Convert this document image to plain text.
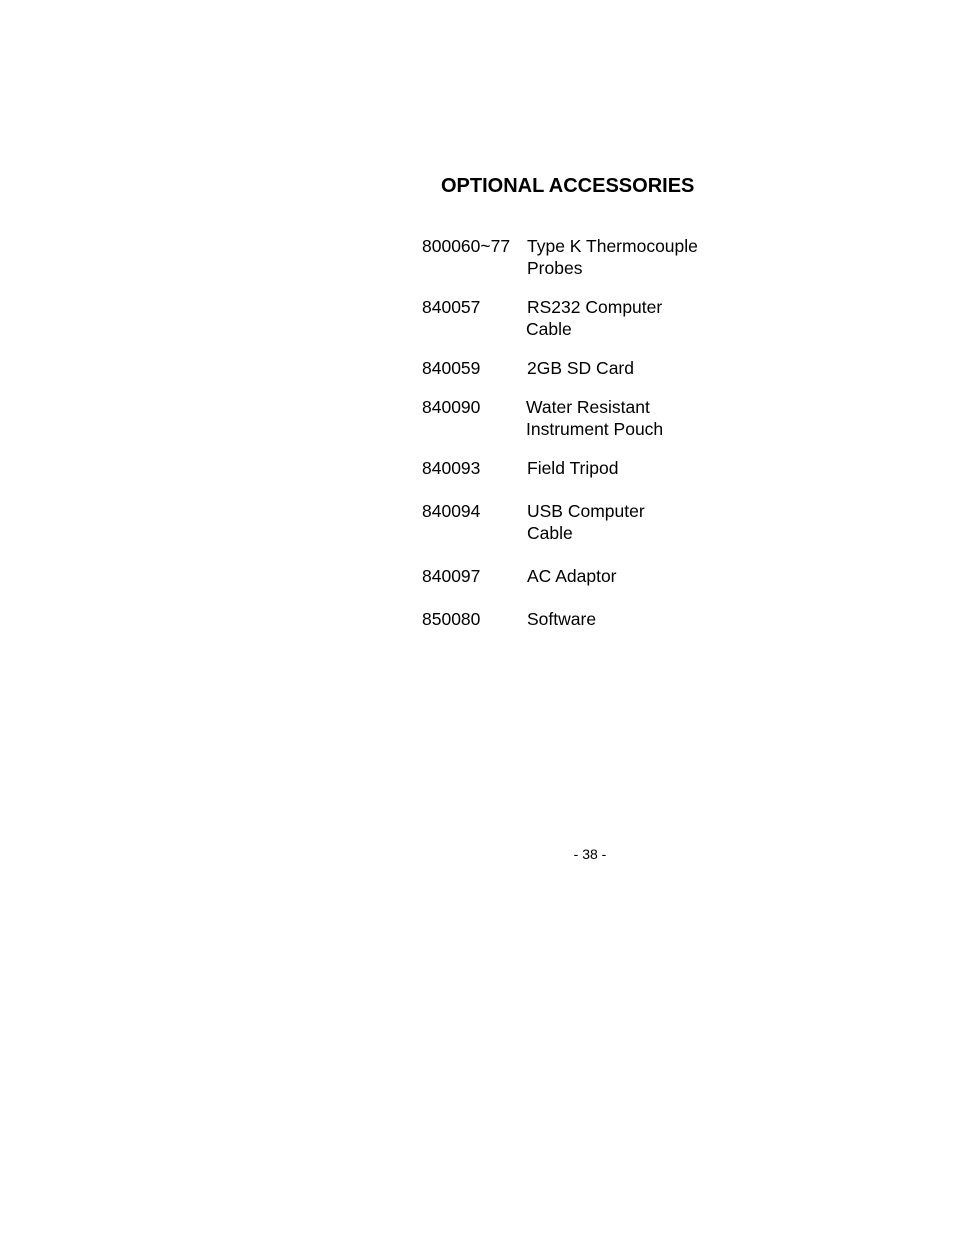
OPTIONAL ACCESSORIES
800060~77 Type K Thermocouple
Probes
840057	RS232 Computer
Cable
840059	2GB SD Card
840090	Water Resistant
Instrument Pouch
840093	Field Tripod
840094	USB Computer
Cable
840097	AC Adaptor
850080	Software
- 38 -
